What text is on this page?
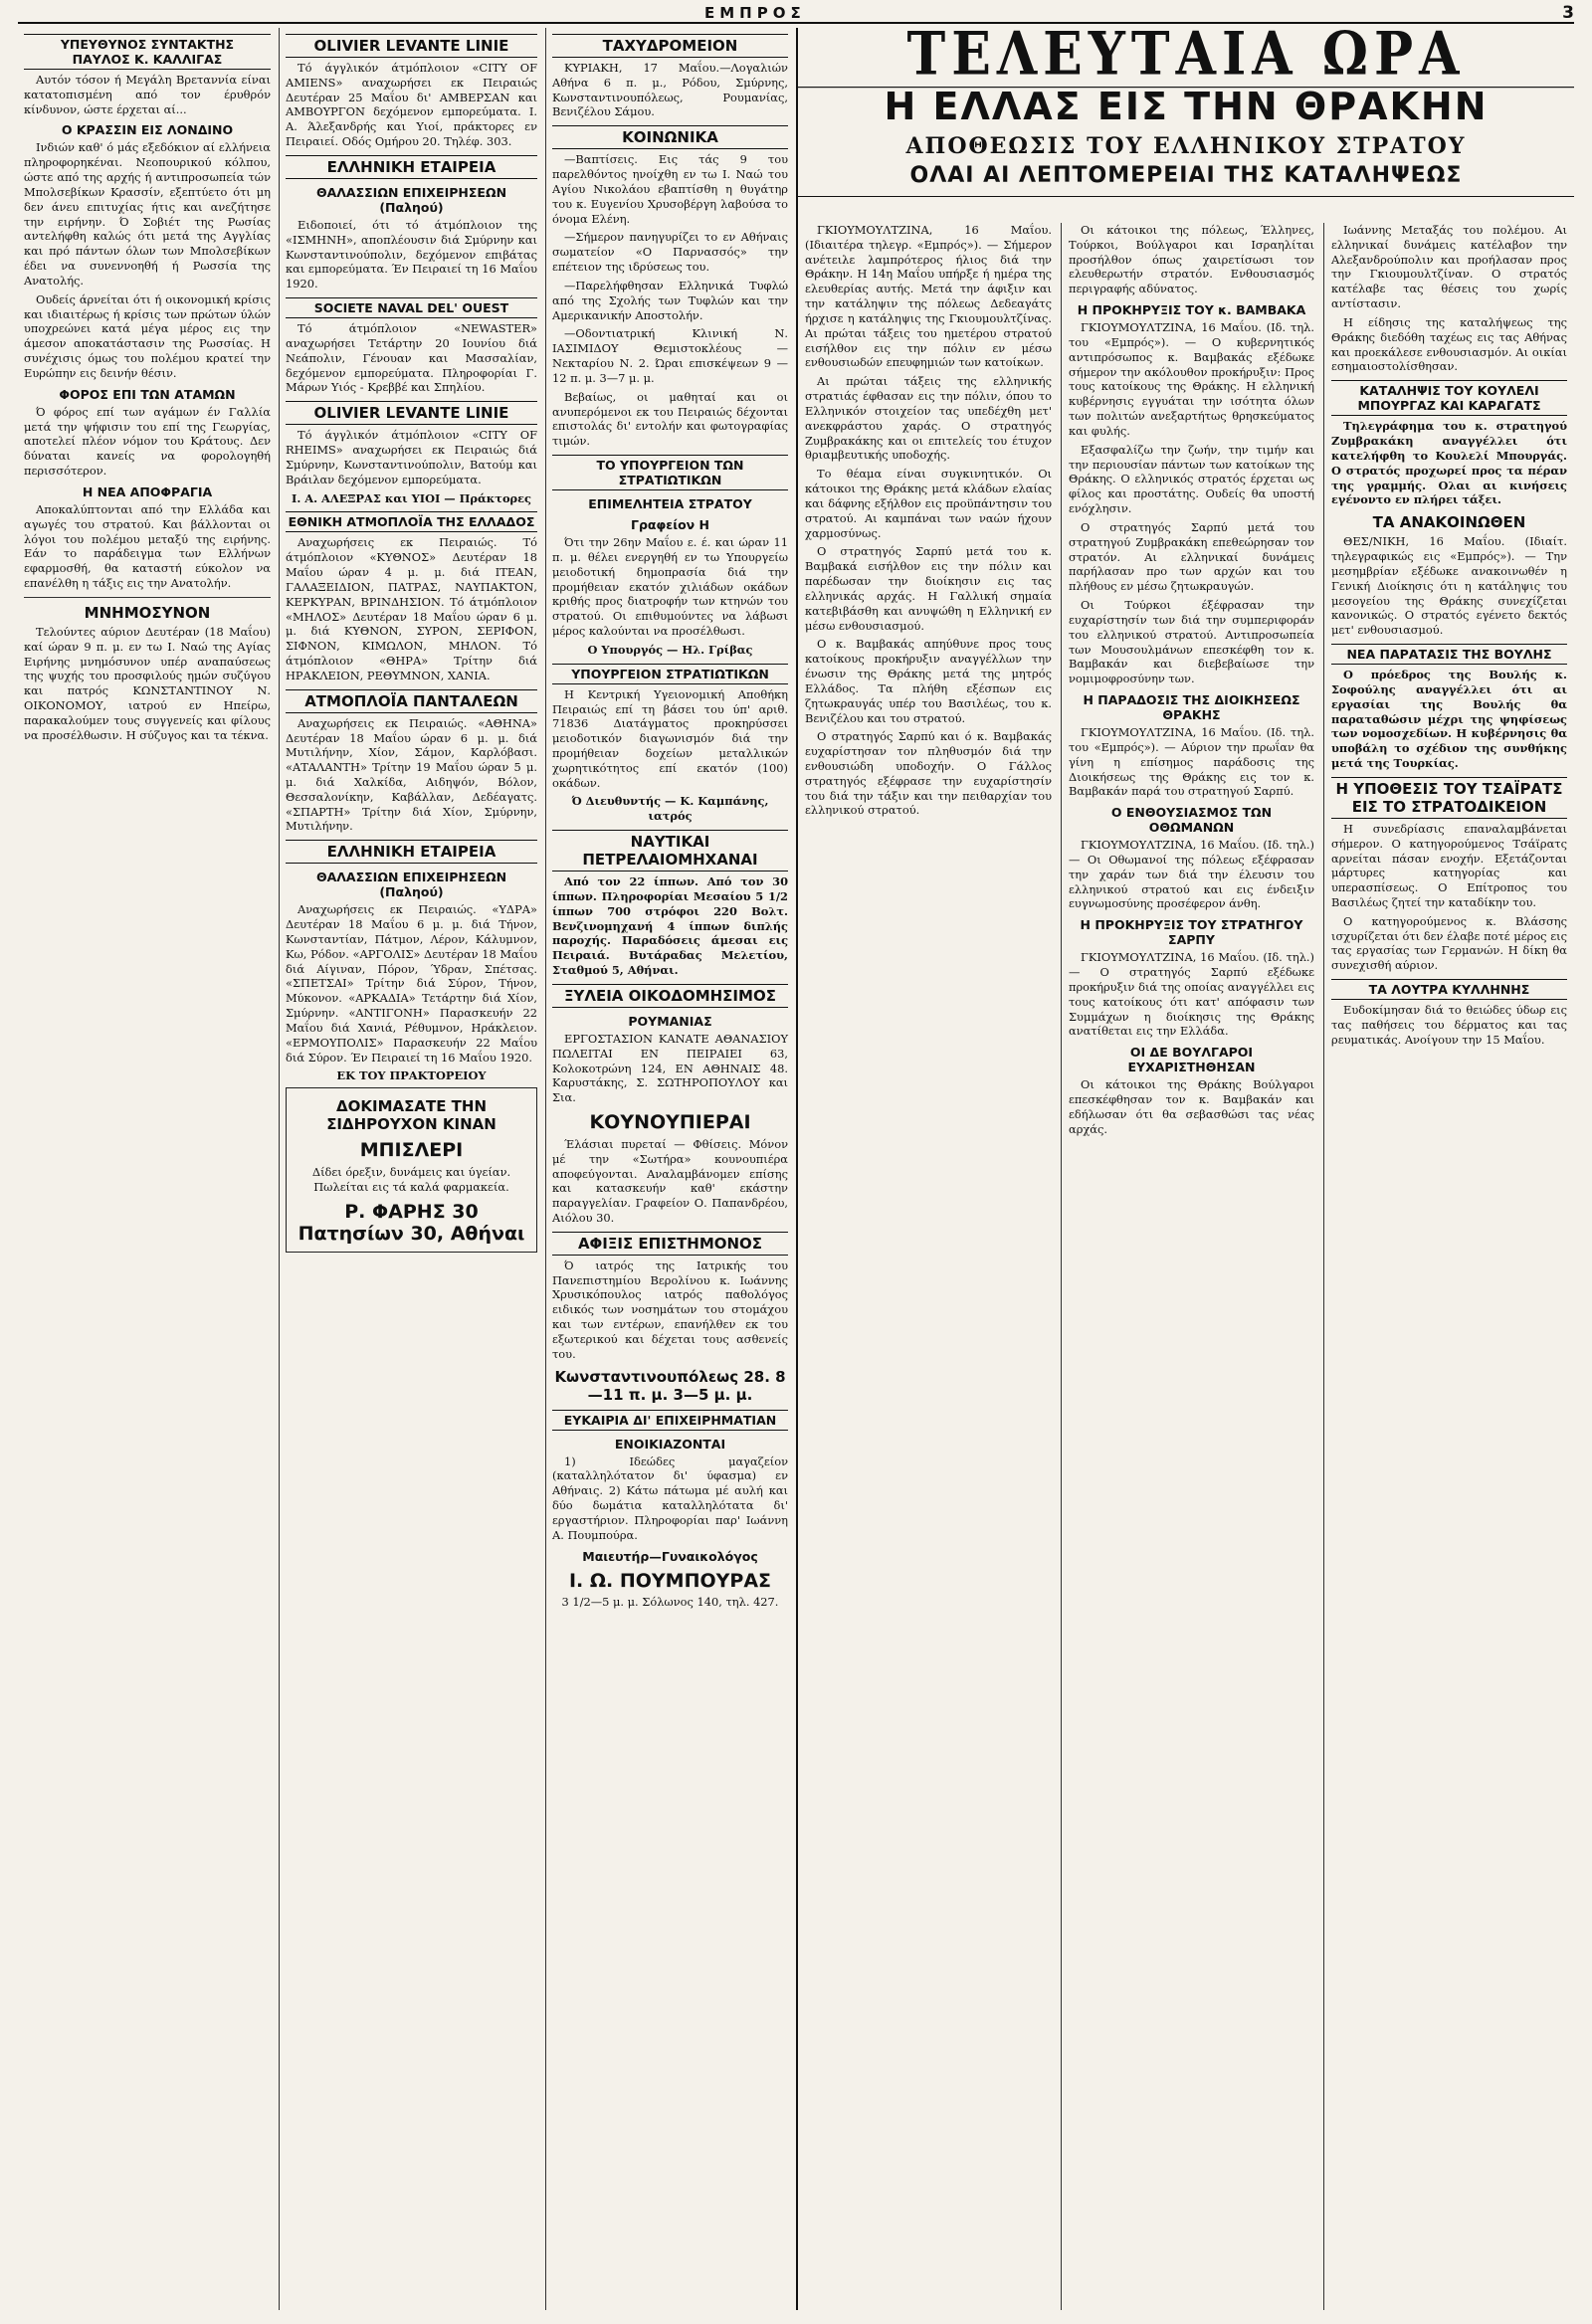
ΕΜΠΡΟΣ	3
ΥΠΕΥΘΥΝΟΣ ΣΥΝΤΑΚΤΗΣ
ΠΑΥΛΟΣ Κ. ΚΑΛΛΙΓΑΣ

Αυτόν τόσον ή Μεγάλη Βρεταννία είναι κατατοπισμένη από τον έρυθρόν κίνδυνον, ώστε έρχεται αί...

Ο ΚΡΑΣΣΙΝ ΕΙΣ ΛΟΝΔΙΝΟ

Ινδιών καθ' ό μάς εξεδόκιον αί ελλήνεια πληροφορηκέναι. Νεοπουρικού κόλπου, ώστε από της αρχής ή αντιπροσωπεία τών Μπολσεβίκων Κρασσίν, εξεπτύετο ότι μη δεν άνευ επιτυχίας ήτις και ανεζήτησε την ειρήνην. Ό Σοβιέτ της Ρωσίας αντελήφθη καλώς ότι μετά της Αγγλίας και πρό πάντων όλων των Μπολσεβίκων έδει να συνεννοηθή ή Ρωσσία της Ανατολής.

Ουδείς άρνείται ότι ή οικονομική κρίσις και ιδιαιτέρως ή κρίσις των πρώτων ύλών υποχρεώνει κατά μέγα μέρος εις την άμεσον αποκατάστασιν της Ρωσσίας. Η συνέχισις όμως του πολέμου κρατεί την Ευρώπην εις δεινήν θέσιν.

ΦΟΡΟΣ ΕΠΙ ΤΩΝ ΑΤΑΜΩΝ

Ό φόρος επί των αγάμων έν Γαλλία μετά την ψήφισιν του επί της Γεωργίας, αποτελεί πλέον νόμον του Κράτους. Δεν δύναται κανείς να φορολογηθή περισσότερον.

Η ΝΕΑ ΑΠΟΦΡΑΓΙΑ

Αποκαλύπτονται από την Ελλάδα και αγωγές του στρατού. Και βάλλονται οι λόγοι του πολέμου μεταξύ της ειρήνης. Εάν το παράδειγμα των Ελλήνων εφαρμοσθή, θα καταστή εύκολον να επανέλθη η τάξις εις την Ανατολήν.

ΜΝΗΜΟΣΥΝΟΝ

Τελούντες αύριον Δευτέραν (18 Μαΐου) καί ώραν 9 π. μ. εν τω Ι. Ναώ της Αγίας Ειρήνης μνημόσυνον υπέρ αναπαύσεως της ψυχής του προσφιλούς ημών συζύγου και πατρός ΚΩΝΣΤΑΝΤΙΝΟΥ Ν. ΟΙΚΟΝΟΜΟΥ, ιατρού εν Ηπείρω, παρακαλούμεν τους συγγενείς και φίλους να προσέλθωσιν. Η σύζυγος και τα τέκνα.

OLIVIER LEVANTE LINIE

Τό άγγλικόν άτμόπλοιον «CITY OF AMIENS» αναχωρήσει εκ Πειραιώς Δευτέραν 25 Μαΐου δι' ΑΜΒΕΡΣΑΝ και ΑΜΒΟΥΡΓΟΝ δεχόμενον εμπορεύματα. Ι. Α. Άλεξανδρής και Υιοί, πράκτορες εν Πειραιεί. Οδός Ομήρου 20. Τηλέφ. 303.

ΕΛΛΗΝΙΚΗ ΕΤΑΙΡΕΙΑ
ΘΑΛΑΣΣΙΩΝ ΕΠΙΧΕΙΡΗΣΕΩΝ (Παληού)

Ειδοποιεί, ότι τό άτμόπλοιον της «ΙΣΜΗΝΗ», αποπλέουσιν διά Σμύρνην και Κωνσταντινούπολιν, δεχόμενον επιβάτας και εμπορεύματα. Έν Πειραιεί τη 16 Μαΐου 1920.

SOCIETE NAVAL DEL' OUEST

Τό άτμόπλοιον «NEWASTER» αναχωρήσει Τετάρτην 20 Ιουνίου διά Νεάπολιν, Γένουαν και Μασσαλίαν, δεχόμενον εμπορεύματα. Πληροφορίαι Γ. Μάρων Υιός - Κρεββέ και Σπηλίου.

OLIVIER LEVANTE LINIE

Τό άγγλικόν άτμόπλοιον «CITY OF RHEIMS» αναχωρήσει εκ Πειραιώς διά Σμύρνην, Κωνσταντινούπολιν, Βατούμ και Βράιλαν δεχόμενον εμπορεύματα.

Ι. Α. ΑΛΕΞΡΑΣ και ΥΙΟΙ — Πράκτορες

ΕΘΝΙΚΗ ΑΤΜΟΠΛΟΪΑ ΤΗΣ ΕΛΛΑΔΟΣ

Αναχωρήσεις εκ Πειραιώς. Τό άτμόπλοιον «ΚΥΘΝΟΣ» Δευτέραν 18 Μαΐου ώραν 4 μ. μ. διά ΙΤΕΑΝ, ΓΑΛΑΞΕΙΔΙΟΝ, ΠΑΤΡΑΣ, ΝΑΥΠΑΚΤΟΝ, ΚΕΡΚΥΡΑΝ, ΒΡΙΝΔΗΣΙΟΝ. Τό άτμόπλοιον «ΜΗΛΟΣ» Δευτέραν 18 Μαΐου ώραν 6 μ. μ. διά ΚΥΘΝΟΝ, ΣΥΡΟΝ, ΣΕΡΙΦΟΝ, ΣΙΦΝΟΝ, ΚΙΜΩΛΟΝ, ΜΗΛΟΝ. Τό άτμόπλοιον «ΘΗΡΑ» Τρίτην διά ΗΡΑΚΛΕΙΟΝ, ΡΕΘΥΜΝΟΝ, ΧΑΝΙΑ.

ΑΤΜΟΠΛΟΪΑ ΠΑΝΤΑΛΕΩΝ

Αναχωρήσεις εκ Πειραιώς. «ΑΘΗΝΑ» Δευτέραν 18 Μαΐου ώραν 6 μ. μ. διά Μυτιλήνην, Χίον, Σάμον, Καρλόβασι. «ΑΤΑΛΑΝΤΗ» Τρίτην 19 Μαΐου ώραν 5 μ. μ. διά Χαλκίδα, Αιδηψόν, Βόλον, Θεσσαλονίκην, Καβάλλαν, Δεδέαγατς. «ΣΠΑΡΤΗ» Τρίτην διά Χίον, Σμύρνην, Μυτιλήνην.

ΕΛΛΗΝΙΚΗ ΕΤΑΙΡΕΙΑ
ΘΑΛΑΣΣΙΩΝ ΕΠΙΧΕΙΡΗΣΕΩΝ (Παληού)

Αναχωρήσεις εκ Πειραιώς. «ΥΔΡΑ» Δευτέραν 18 Μαΐου 6 μ. μ. διά Τήνον, Κωνσταντίαν, Πάτμον, Λέρον, Κάλυμνον, Κω, Ρόδον. «ΑΡΓΟΛΙΣ» Δευτέραν 18 Μαΐου διά Αίγιναν, Πόρον, Ύδραν, Σπέτσας. «ΣΠΕΤΣΑΙ» Τρίτην διά Σύρον, Τήνον, Μύκονον. «ΑΡΚΑΔΙΑ» Τετάρτην διά Χίον, Σμύρνην. «ΑΝΤΙΓΟΝΗ» Παρασκευήν 22 Μαΐου διά Χανιά, Ρέθυμνον, Ηράκλειον. «ΕΡΜΟΥΠΟΛΙΣ» Παρασκευήν 22 Μαΐου διά Σύρον. Έν Πειραιεί τη 16 Μαΐου 1920.

ΕΚ ΤΟΥ ΠΡΑΚΤΟΡΕΙΟΥ

ΔΟΚΙΜΑΣΑΤΕ ΤΗΝ ΣΙΔΗΡΟΥΧΟΝ ΚΙΝΑΝ
ΜΠΙΣΛΕΡΙ

Δίδει όρεξιν, δυνάμεις και ύγείαν. Πωλείται εις τά καλά φαρμακεία.

Ρ. ΦΑΡΗΣ 30 Πατησίων 30, Αθήναι
ΤΑΧΥΔΡΟΜΕΙΟΝ

ΚΥΡΙΑΚΗ, 17 Μαΐου.—Λογαλιών Αθήνα 6 π. μ., Ρόδου, Σμύρνης, Κωνσταντινουπόλεως, Ρουμανίας, Βενιζέλου Σάμου.

ΚΟΙΝΩΝΙΚΑ

—Βαπτίσεις. Εις τάς 9 του παρελθόντος ηνοίχθη εν τω Ι. Ναώ του Αγίου Νικολάου εβαπτίσθη η θυγάτηρ του κ. Ευγενίου Χρυσοβέργη λαβούσα το όνομα Ελένη.

—Σήμερον πανηγυρίζει το εν Αθήναις σωματείον «Ο Παρνασσός» την επέτειον της ιδρύσεως του.

—Παρελήφθησαν Ελληνικά Τυφλώ από της Σχολής των Τυφλών και την Αμερικανικήν Αποστολήν.

—Οδοντιατρική Κλινική Ν. ΙΑΣΙΜΙΔΟΥ Θεμιστοκλέους — Νεκταρίου Ν. 2. Ώραι επισκέψεων 9 — 12 π. μ. 3—7 μ. μ.

Βεβαίως, οι μαθηταί και οι ανυπερόμενοι εκ του Πειραιώς δέχονται επιστολάς δι' εντολήν και φωτογραφίας τιμών.

ΤΟ ΥΠΟΥΡΓΕΙΟΝ ΤΩΝ ΣΤΡΑΤΙΩΤΙΚΩΝ
ΕΠΙΜΕΛΗΤΕΙΑ ΣΤΡΑΤΟΥ
Γραφείον Η

Ότι την 26ην Μαΐου ε. έ. και ώραν 11 π. μ. θέλει ενεργηθή εν τω Υπουργείω μειοδοτική δημοπρασία διά την προμήθειαν εκατόν χιλιάδων οκάδων κριθής προς διατροφήν των κτηνών του στρατού. Οι επιθυμούντες να λάβωσι μέρος καλούνται να προσέλθωσι.

Ο Υπουργός — Ηλ. Γρίβας

ΥΠΟΥΡΓΕΙΟΝ ΣΤΡΑΤΙΩΤΙΚΩΝ

Η Κεντρική Υγειονομική Αποθήκη Πειραιώς επί τη βάσει του ύπ' αριθ. 71836 Διατάγματος προκηρύσσει μειοδοτικόν διαγωνισμόν διά την προμήθειαν δοχείων μεταλλικών χωρητικότητος επί εκατόν (100) οκάδων.

Ό Διευθυντής — Κ. Καμπάνης, ιατρός

ΝΑΥΤΙΚΑΙ ΠΕΤΡΕΛΑΙΟΜΗΧΑΝΑΙ

Από τον 22 ίππων. Από τον 30 ίππων. Πληροφορίαι Μεσαίου 5 1/2 ίππων 700 στρόφοι 220 Βολτ. Βενζινομηχανή 4 ίππων διπλής παροχής. Παραδόσεις άμεσαι εις Πειραιά. Βυτάραδας Μελετίου, Σταθμού 5, Αθήναι.

ΞΥΛΕΙΑ ΟΙΚΟΔΟΜΗΣΙΜΟΣ
ΡΟΥΜΑΝΙΑΣ

ΕΡΓΟΣΤΑΣΙΟΝ ΚΑΝΑΤΕ ΑΘΑΝΑΣΙΟΥ ΠΩΛΕΙΤΑΙ ΕΝ ΠΕΙΡΑΙΕΙ 63, Κολοκοτρώνη 124, ΕΝ ΑΘΗΝΑΙΣ 48. Καρυστάκης, Σ. ΣΩΤΗΡΟΠΟΥΛΟΥ και Σια.

ΚΟΥΝΟΥΠΙΕΡΑΙ

Έλάσιαι πυρεταί — Φθίσεις. Μόνον μέ την «Σωτήρα» κουνουπιέρα αποφεύγονται. Αναλαμβάνομεν επίσης και κατασκευήν καθ' εκάστην παραγγελίαν. Γραφείον Ο. Παπανδρέου, Αιόλου 30.

ΑΦΙΞΙΣ ΕΠΙΣΤΗΜΟΝΟΣ

Ό ιατρός της Ιατρικής του Πανεπιστημίου Βερολίνου κ. Ιωάννης Χρυσικόπουλος ιατρός παθολόγος ειδικός των νοσημάτων του στομάχου και των εντέρων, επανήλθεν εκ του εξωτερικού και δέχεται τους ασθενείς του.

Κωνσταντινουπόλεως 28. 8—11 π. μ. 3—5 μ. μ.
ΕΥΚΑΙΡΙΑ ΔΙ' ΕΠΙΧΕΙΡΗΜΑΤΙΑΝ
ΕΝΟΙΚΙΑΖΟΝΤΑΙ

1) Ιδεώδες μαγαζείον (καταλληλότατον δι' ύφασμα) εν Αθήναις. 2) Κάτω πάτωμα μέ αυλή και δύο δωμάτια καταλληλότατα δι' εργαστήριον. Πληροφορίαι παρ' Ιωάννη Α. Πουμπούρα.

Μαιευτήρ—Γυναικολόγος
Ι. Ω. ΠΟΥΜΠΟΥΡΑΣ

3 1/2—5 μ. μ. Σόλωνος 140, τηλ. 427.

ΤΕΛΕΥΤΑΙΑ ΩΡΑ
Η ΕΛΛΑΣ ΕΙΣ ΤΗΝ ΘΡΑΚΗΝ
ΑΠΟΘΕΩΣΙΣ ΤΟΥ ΕΛΛΗΝΙΚΟΥ ΣΤΡΑΤΟΥ
ΟΛΑΙ ΑΙ ΛΕΠΤΟΜΕΡΕΙΑΙ ΤΗΣ ΚΑΤΑΛΗΨΕΩΣ

ΓΚΙΟΥΜΟΥΛΤΖΙΝΑ, 16 Μαΐου. (Ιδιαιτέρα τηλεγρ. «Εμπρός»). — Σήμερον ανέτειλε λαμπρότερος ήλιος διά την Θράκην. Η 14η Μαΐου υπήρξε ή ημέρα της ελευθερίας αυτής. Μετά την άφιξιν και την κατάληψιν της πόλεως Δεδεαγάτς ήρχισε η κατάληψις της Γκιουμουλτζίνας. Αι πρώται τάξεις του ημετέρου στρατού εισήλθον εις την πόλιν εν μέσω ενθουσιωδών επευφημιών των κατοίκων.

Αι πρώται τάξεις της ελληνικής στρατιάς έφθασαν εις την πόλιν, όπου το Ελληνικόν στοιχείον τας υπεδέχθη μετ' ανεκφράστου χαράς. Ο στρατηγός Ζυμβρακάκης και οι επιτελείς του έτυχον θριαμβευτικής υποδοχής.

Το θέαμα είναι συγκινητικόν. Οι κάτοικοι της Θράκης μετά κλάδων ελαίας και δάφνης εξήλθον εις προϋπάντησιν του στρατού. Αι καμπάναι των ναών ήχουν χαρμοσύνως.

Ο στρατηγός Σαρπύ μετά του κ. Βαμβακά εισήλθον εις την πόλιν και παρέδωσαν την διοίκησιν εις τας ελληνικάς αρχάς. Η Γαλλική σημαία κατεβιβάσθη και ανυψώθη η Ελληνική εν μέσω ενθουσιασμού.

Ο κ. Βαμβακάς απηύθυνε προς τους κατοίκους προκήρυξιν αναγγέλλων την ένωσιν της Θράκης μετά της μητρός Ελλάδος. Τα πλήθη εξέσπων εις ζητωκραυγάς υπέρ του Βασιλέως, του κ. Βενιζέλου και του στρατού.

Ο στρατηγός Σαρπύ και ό κ. Βαμβακάς ευχαρίστησαν τον πληθυσμόν διά την ενθουσιώδη υποδοχήν. Ο Γάλλος στρατηγός εξέφρασε την ευχαρίστησίν του διά την τάξιν και την πειθαρχίαν του ελληνικού στρατού.

Οι κάτοικοι της πόλεως, Έλληνες, Τούρκοι, Βούλγαροι και Ισραηλίται προσήλθον όπως χαιρετίσωσι τον ελευθερωτήν στρατόν. Ενθουσιασμός περιγραφής αδύνατος.

Η ΠΡΟΚΗΡΥΞΙΣ ΤΟΥ κ. ΒΑΜΒΑΚΑ

ΓΚΙΟΥΜΟΥΛΤΖΙΝΑ, 16 Μαΐου. (Ιδ. τηλ. του «Εμπρός»). — Ο κυβερνητικός αντιπρόσωπος κ. Βαμβακάς εξέδωκε σήμερον την ακόλουθον προκήρυξιν: Προς τους κατοίκους της Θράκης. Η ελληνική κυβέρνησις εγγυάται την ισότητα όλων των πολιτών ανεξαρτήτως θρησκεύματος και φυλής.

Εξασφαλίζω την ζωήν, την τιμήν και την περιουσίαν πάντων των κατοίκων της Θράκης. Ο ελληνικός στρατός έρχεται ως φίλος και προστάτης. Ουδείς θα υποστή ενόχλησιν.

Ο στρατηγός Σαρπύ μετά του στρατηγού Ζυμβρακάκη επεθεώρησαν τον στρατόν. Αι ελληνικαί δυνάμεις παρήλασαν προ των αρχών και του πλήθους εν μέσω ζητωκραυγών.

Οι Τούρκοι έξέφρασαν την ευχαρίστησίν των διά την συμπεριφοράν του ελληνικού στρατού. Αντιπροσωπεία των Μουσουλμάνων επεσκέφθη τον κ. Βαμβακάν και διεβεβαίωσε την νομιμοφροσύνην των.

Η ΠΑΡΑΔΟΣΙΣ ΤΗΣ ΔΙΟΙΚΗΣΕΩΣ ΘΡΑΚΗΣ

ΓΚΙΟΥΜΟΥΛΤΖΙΝΑ, 16 Μαΐου. (Ιδ. τηλ. του «Εμπρός»). — Αύριον την πρωΐαν θα γίνη η επίσημος παράδοσις της Διοικήσεως της Θράκης εις τον κ. Βαμβακάν παρά του στρατηγού Σαρπύ.

Ο ΕΝΘΟΥΣΙΑΣΜΟΣ ΤΩΝ ΟΘΩΜΑΝΩΝ

ΓΚΙΟΥΜΟΥΛΤΖΙΝΑ, 16 Μαΐου. (Ιδ. τηλ.) — Οι Οθωμανοί της πόλεως εξέφρασαν την χαράν των διά την έλευσιν του ελληνικού στρατού και εις ένδειξιν ευγνωμοσύνης προσέφερον άνθη.

Η ΠΡΟΚΗΡΥΞΙΣ ΤΟΥ ΣΤΡΑΤΗΓΟΥ ΣΑΡΠΥ

ΓΚΙΟΥΜΟΥΛΤΖΙΝΑ, 16 Μαΐου. (Ιδ. τηλ.) — Ο στρατηγός Σαρπύ εξέδωκε προκήρυξιν διά της οποίας αναγγέλλει εις τους κατοίκους ότι κατ' απόφασιν των Συμμάχων η διοίκησις της Θράκης ανατίθεται εις την Ελλάδα.

ΟΙ ΔΕ ΒΟΥΛΓΑΡΟΙ ΕΥΧΑΡΙΣΤΗΘΗΣΑΝ

Οι κάτοικοι της Θράκης Βούλγαροι επεσκέφθησαν τον κ. Βαμβακάν και εδήλωσαν ότι θα σεβασθώσι τας νέας αρχάς.

Ιωάννης Μεταξάς του πολέμου. Αι ελληνικαί δυνάμεις κατέλαβον την Αλεξανδρούπολιν και προήλασαν προς την Γκιουμουλτζίναν. Ο στρατός κατέλαβε τας θέσεις του χωρίς αντίστασιν.

Η είδησις της καταλήψεως της Θράκης διεδόθη ταχέως εις τας Αθήνας και προεκάλεσε ενθουσιασμόν. Αι οικίαι εσημαιοστολίσθησαν.

ΚΑΤΑΛΗΨΙΣ ΤΟΥ ΚΟΥΛΕΛΙ ΜΠΟΥΡΓΑΖ ΚΑΙ ΚΑΡΑΓΑΤΣ

Τηλεγράφημα του κ. στρατηγού Ζυμβρακάκη αναγγέλλει ότι κατελήφθη το Κουλελί Μπουργάς. Ο στρατός προχωρεί προς τα πέραν της γραμμής. Ολαι αι κινήσεις εγένοντο εν πλήρει τάξει.

ΤΑ ΑΝΑΚΟΙΝΩΘΕΝ

ΘΕΣ/ΝΙΚΗ, 16 Μαΐου. (Ιδιαίτ. τηλεγραφικώς εις «Εμπρός»). — Την μεσημβρίαν εξέδωκε ανακοινωθέν η Γενική Διοίκησις ότι η κατάληψις του μεσογείου της Θράκης συνεχίζεται κανονικώς. Ο στρατός εγένετο δεκτός μετ' ενθουσιασμού.

ΝΕΑ ΠΑΡΑΤΑΣΙΣ ΤΗΣ ΒΟΥΛΗΣ

Ο πρόεδρος της Βουλής κ. Σοφούλης αναγγέλλει ότι αι εργασίαι της Βουλής θα παραταθώσιν μέχρι της ψηφίσεως των νομοσχεδίων. Η κυβέρνησις θα υποβάλη το σχέδιον της συνθήκης μετά της Τουρκίας.

Η ΥΠΟΘΕΣΙΣ ΤΟΥ ΤΣΑΪΡΑΤΣ ΕΙΣ ΤΟ ΣΤΡΑΤΟΔΙΚΕΙΟΝ

Η συνεδρίασις επαναλαμβάνεται σήμερον. Ο κατηγορούμενος Τσάϊρατς αρνείται πάσαν ενοχήν. Εξετάζονται μάρτυρες κατηγορίας και υπερασπίσεως. Ο Επίτροπος του Βασιλέως ζητεί την καταδίκην του.

Ο κατηγορούμενος κ. Βλάσσης ισχυρίζεται ότι δεν έλαβε ποτέ μέρος εις τας εργασίας των Γερμανών. Η δίκη θα συνεχισθή αύριον.

ΤΑ ΛΟΥΤΡΑ ΚΥΛΛΗΝΗΣ

Ευδοκίμησαν διά το θειώδες ύδωρ εις τας παθήσεις του δέρματος και τας ρευματικάς. Ανοίγουν την 15 Μαΐου.
